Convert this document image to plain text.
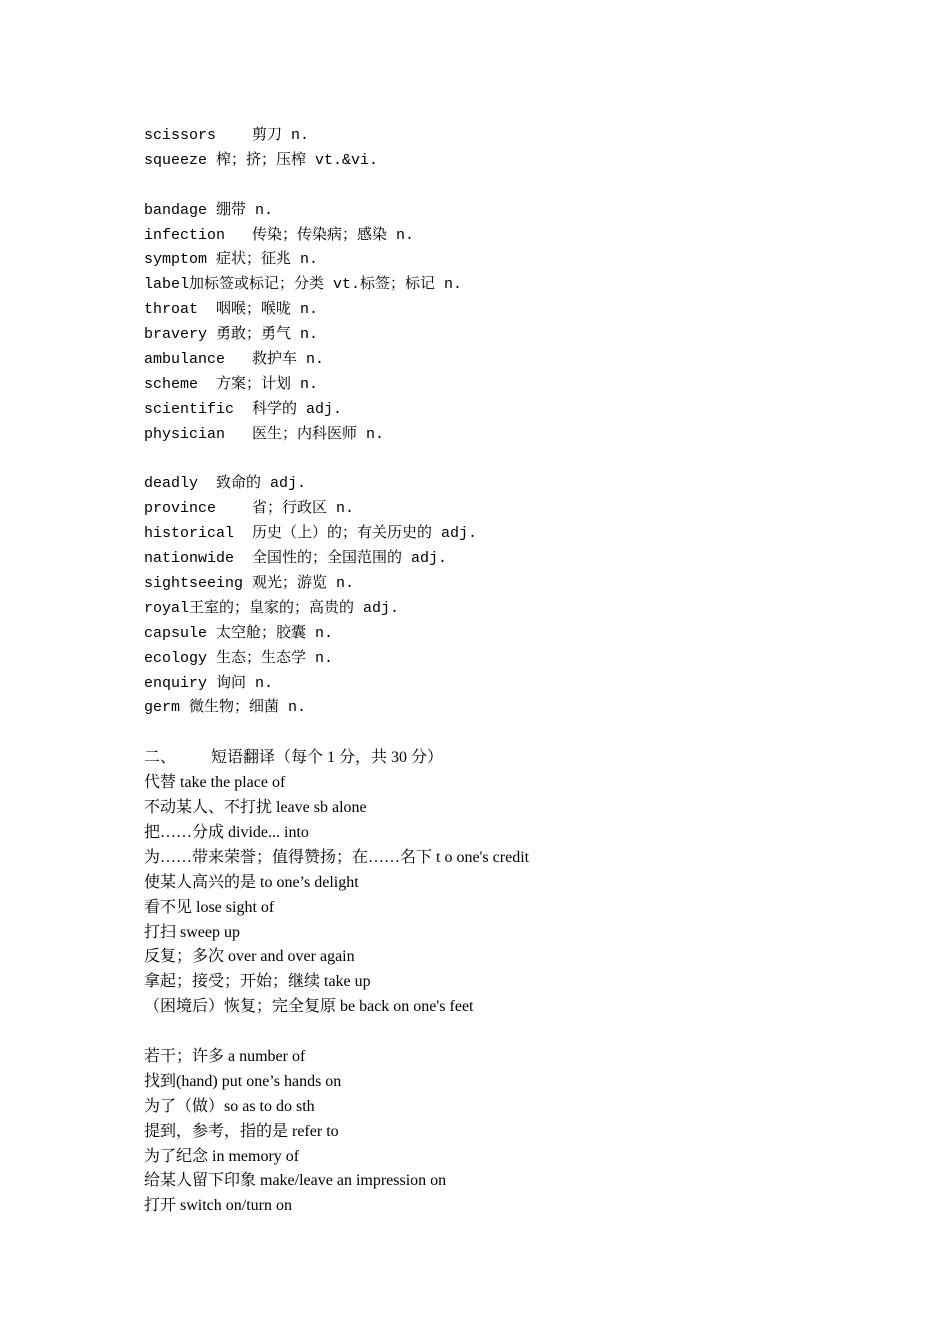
scissors    剪刀 n.
squeeze 榨；挤；压榨 vt.&vi.
bandage 绷带 n.
infection   传染；传染病；感染 n.
symptom 症状；征兆 n.
label加标签或标记；分类 vt.标签；标记 n.
throat  咽喉；喉咙 n.
bravery 勇敢；勇气 n.
ambulance   救护车 n.
scheme  方案；计划 n.
scientific  科学的 adj.
physician   医生；内科医师 n.
deadly  致命的 adj.
province    省；行政区 n.
historical  历史（上）的；有关历史的 adj.
nationwide  全国性的；全国范围的 adj.
sightseeing 观光；游览 n.
royal王室的；皇家的；高贵的 adj.
capsule 太空舱；胶囊 n.
ecology 生态；生态学 n.
enquiry 询问 n.
germ 微生物；细菌 n.
二、 短语翻译（每个 1 分，共 30 分）
代替 take the place of
不动某人、不打扰 leave sb alone
把……分成 divide... into
为……带来荣誉；值得赞扬；在……名下 t o one's credit
使某人高兴的是 to one’s delight
看不见 lose sight of
打扫 sweep up
反复；多次 over and over again
拿起；接受；开始；继续 take up
（困境后）恢复；完全复原 be back on one's feet
若干；许多 a number of
找到(hand) put one’s hands on
为了（做）so as to do sth
提到，参考，指的是 refer to
为了纪念 in memory of
给某人留下印象 make/leave an impression on
打开 switch on/turn on
